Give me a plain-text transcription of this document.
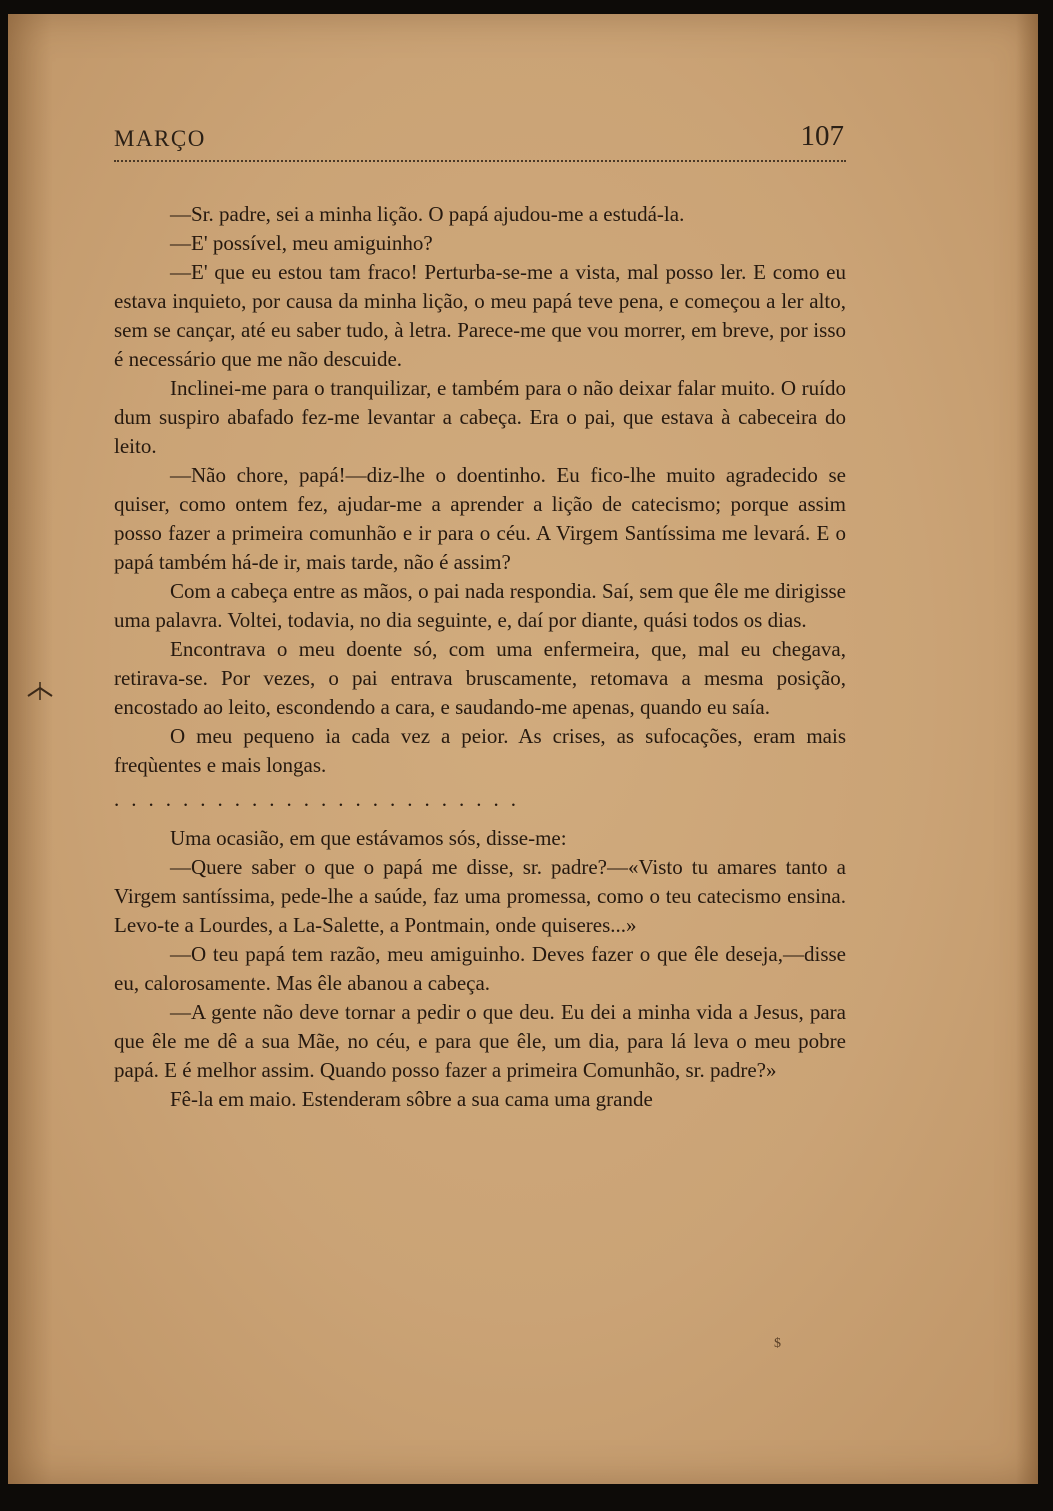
MARÇO	107

—Sr. padre, sei a minha lição. O papá ajudou-me a estudá-la.

—E' possível, meu amiguinho?

—E' que eu estou tam fraco! Perturba-se-me a vista, mal posso ler. E como eu estava inquieto, por causa da minha lição, o meu papá teve pena, e começou a ler alto, sem se cançar, até eu saber tudo, à letra. Parece-me que vou morrer, em breve, por isso é necessário que me não descuide.

Inclinei-me para o tranquilizar, e também para o não deixar falar muito. O ruído dum suspiro abafado fez-me levantar a cabeça. Era o pai, que estava à cabeceira do leito.

—Não chore, papá!—diz-lhe o doentinho. Eu fico-lhe muito agradecido se quiser, como ontem fez, ajudar-me a aprender a lição de catecismo; porque assim posso fazer a primeira comunhão e ir para o céu. A Virgem Santíssima me levará. E o papá também há-de ir, mais tarde, não é assim?

Com a cabeça entre as mãos, o pai nada respondia. Saí, sem que êle me dirigisse uma palavra. Voltei, todavia, no dia seguinte, e, daí por diante, quási todos os dias.

Encontrava o meu doente só, com uma enfermeira, que, mal eu chegava, retirava-se. Por vezes, o pai entrava bruscamente, retomava a mesma posição, encostado ao leito, escondendo a cara, e saudando-me apenas, quando eu saía.

O meu pequeno ia cada vez a peior. As crises, as sufocações, eram mais freqùentes e mais longas.

........................

Uma ocasião, em que estávamos sós, disse-me:

—Quere saber o que o papá me disse, sr. padre?—«Visto tu amares tanto a Virgem santíssima, pede-lhe a saúde, faz uma promessa, como o teu catecismo ensina. Levo-te a Lourdes, a La-Salette, a Pontmain, onde quiseres...»

—O teu papá tem razão, meu amiguinho. Deves fazer o que êle deseja,—disse eu, calorosamente. Mas êle abanou a cabeça.

—A gente não deve tornar a pedir o que deu. Eu dei a minha vida a Jesus, para que êle me dê a sua Mãe, no céu, e para que êle, um dia, para lá leva o meu pobre papá. E é melhor assim. Quando posso fazer a primeira Comunhão, sr. padre?»

Fê-la em maio. Estenderam sôbre a sua cama uma grande

$
